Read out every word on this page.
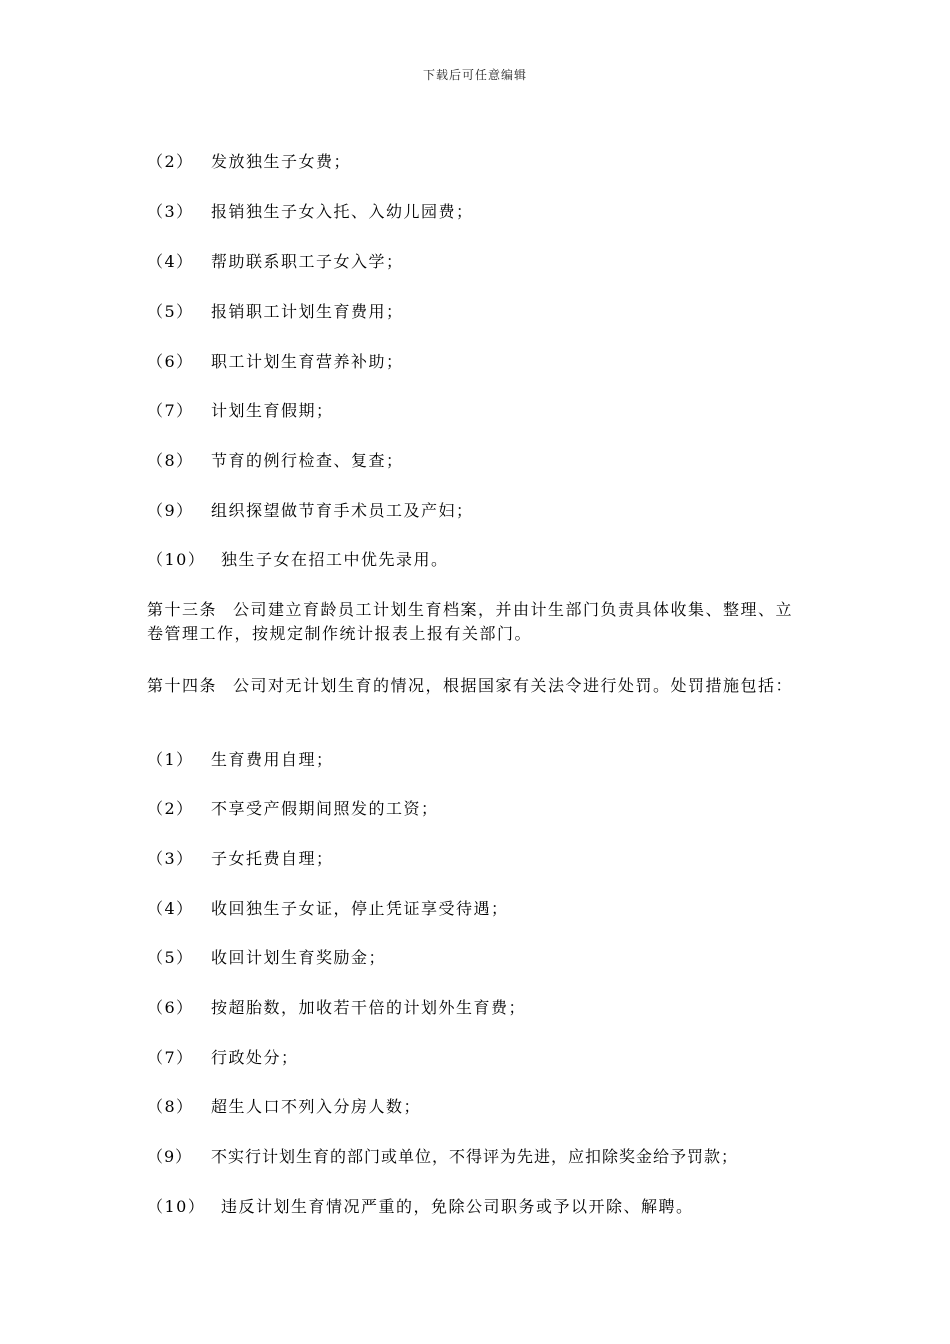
下载后可任意编辑
（2） 发放独生子女费；
（3） 报销独生子女入托、入幼儿园费；
（4） 帮助联系职工子女入学；
（5） 报销职工计划生育费用；
（6） 职工计划生育营养补助；
（7） 计划生育假期；
（8） 节育的例行检查、复查；
（9） 组织探望做节育手术员工及产妇；
（10） 独生子女在招工中优先录用。
第十三条 公司建立育龄员工计划生育档案，并由计生部门负责具体收集、整理、立卷管理工作，按规定制作统计报表上报有关部门。
第十四条 公司对无计划生育的情况，根据国家有关法令进行处罚。处罚措施包括：
（1） 生育费用自理；
（2） 不享受产假期间照发的工资；
（3） 子女托费自理；
（4） 收回独生子女证，停止凭证享受待遇；
（5） 收回计划生育奖励金；
（6） 按超胎数，加收若干倍的计划外生育费；
（7） 行政处分；
（8） 超生人口不列入分房人数；
（9） 不实行计划生育的部门或单位，不得评为先进，应扣除奖金给予罚款；
（10） 违反计划生育情况严重的，免除公司职务或予以开除、解聘。
